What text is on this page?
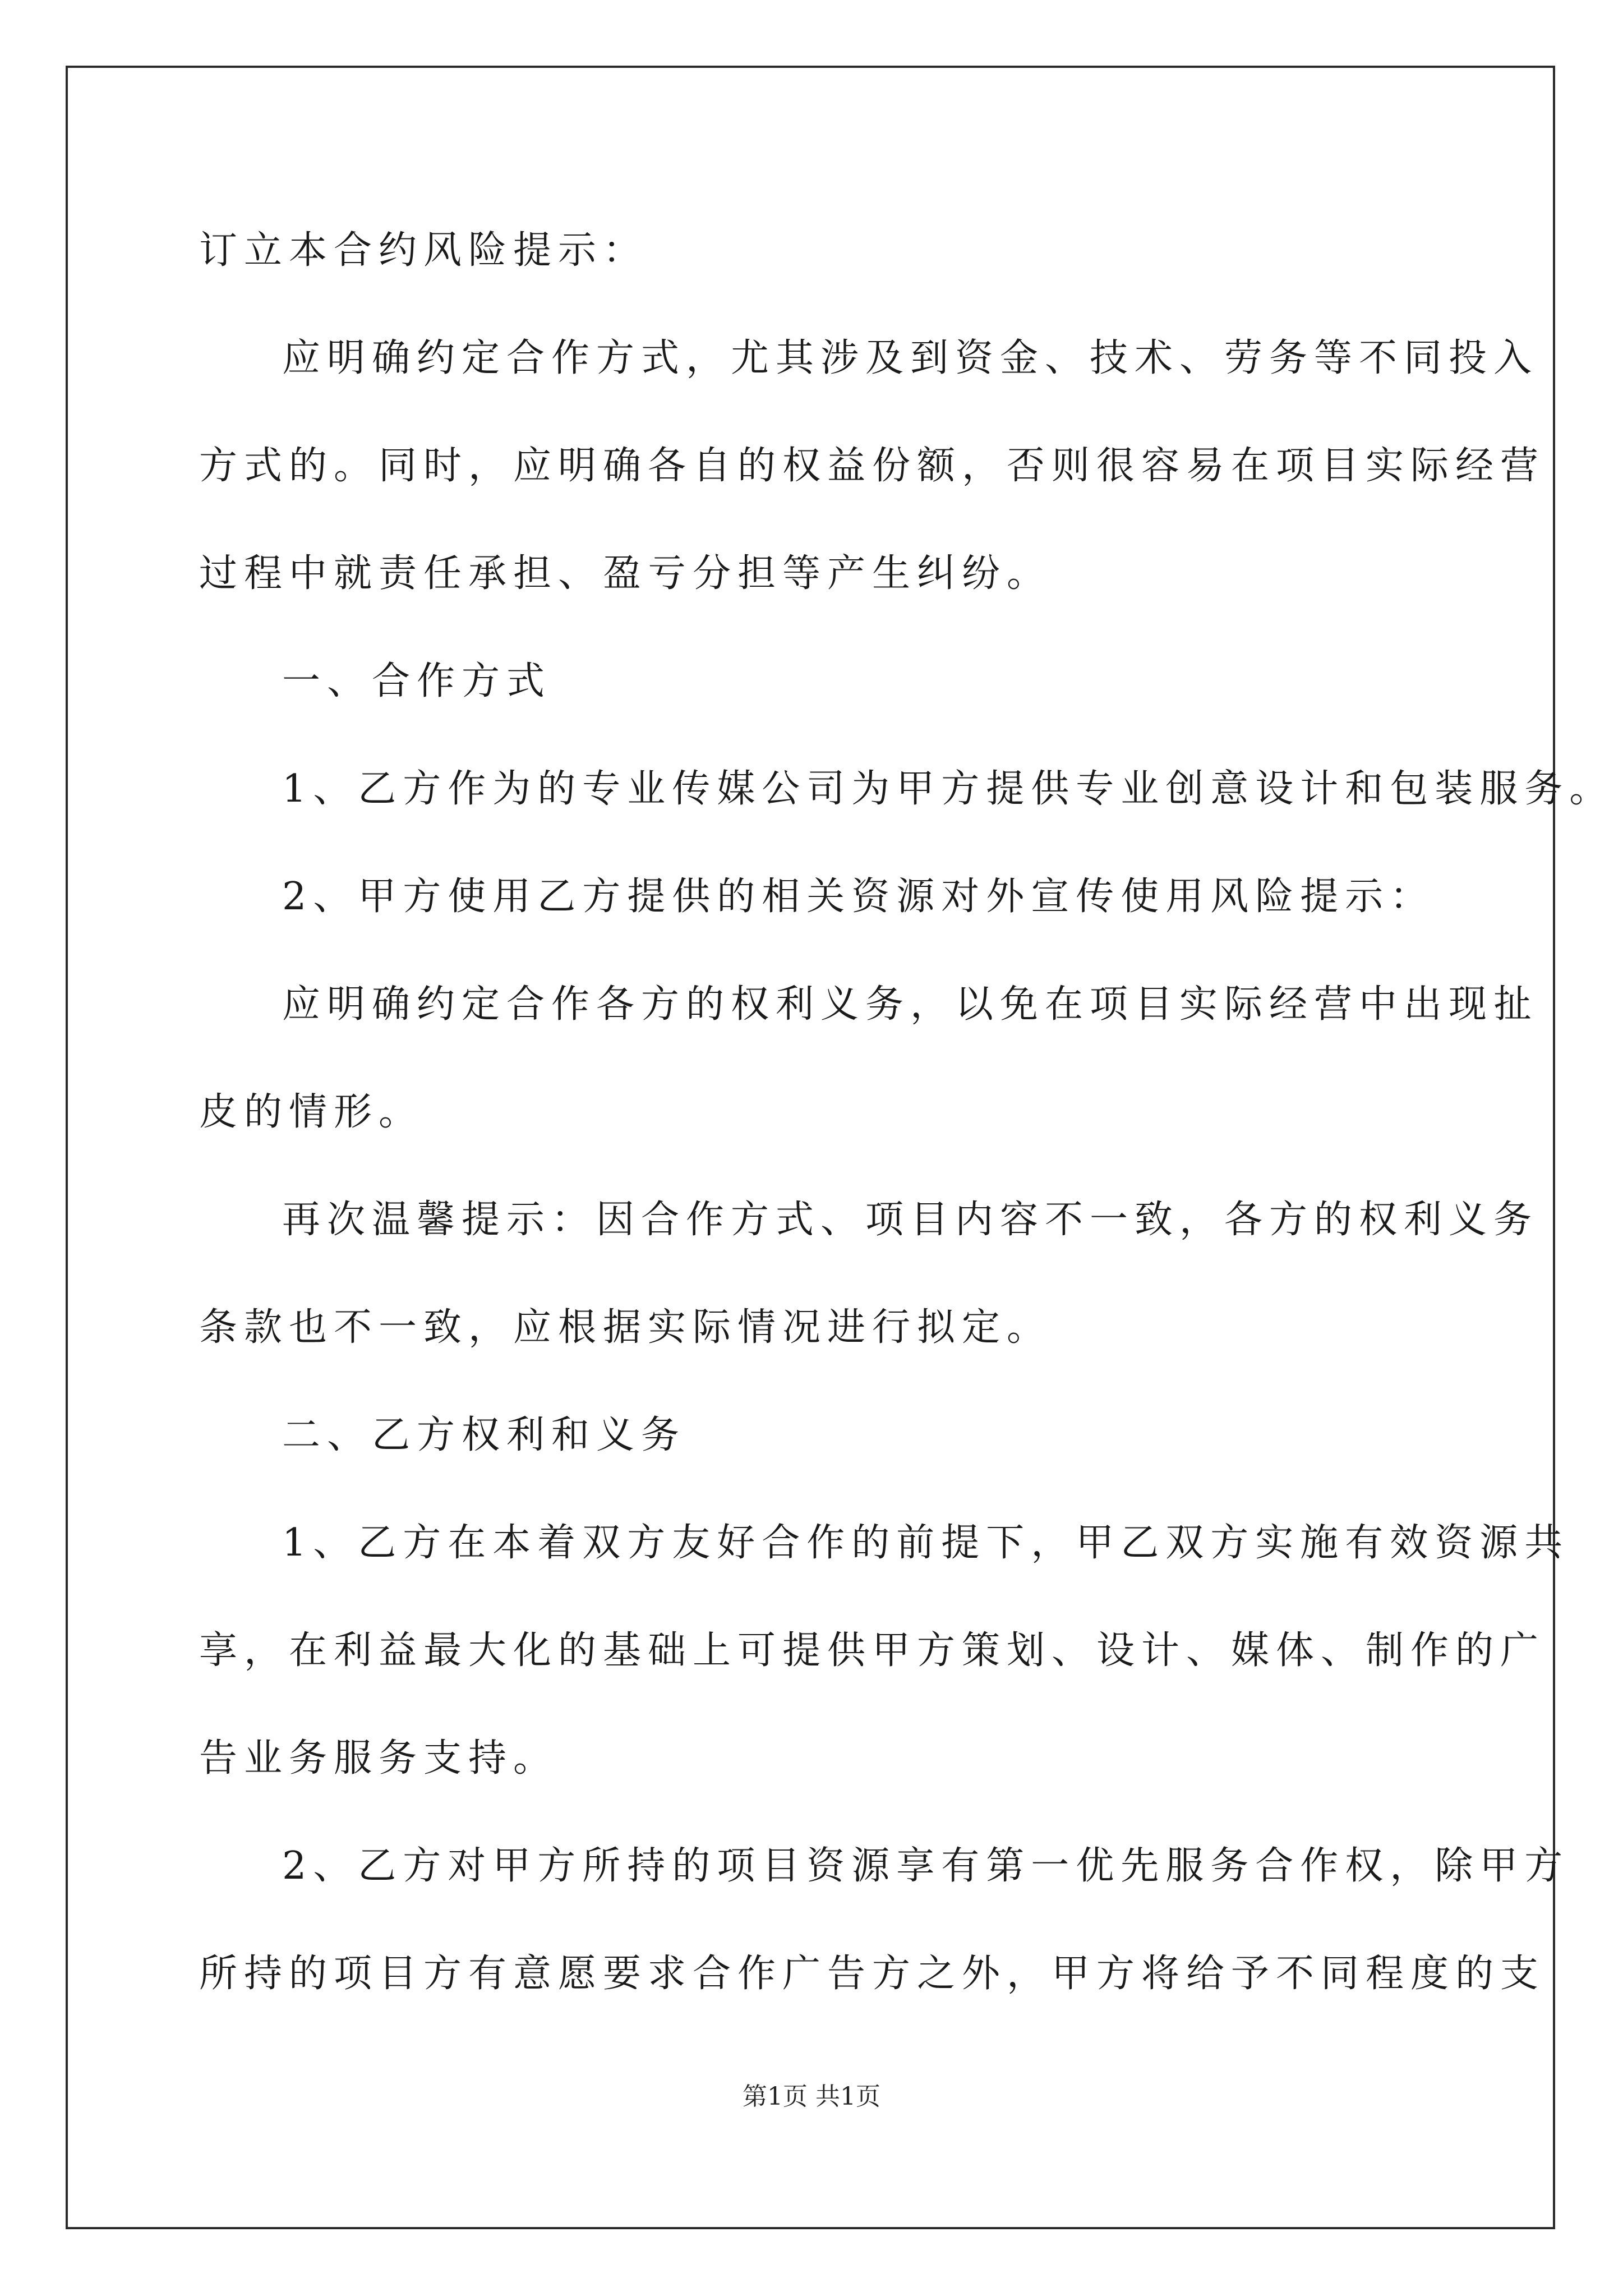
订立本合约风险提示：
应明确约定合作方式，尤其涉及到资金、技术、劳务等不同投入
方式的。同时，应明确各自的权益份额，否则很容易在项目实际经营
过程中就责任承担、盈亏分担等产生纠纷。
一、合作方式
1、乙方作为的专业传媒公司为甲方提供专业创意设计和包装服务。
2、甲方使用乙方提供的相关资源对外宣传使用风险提示：
应明确约定合作各方的权利义务，以免在项目实际经营中出现扯
皮的情形。
再次温馨提示：因合作方式、项目内容不一致，各方的权利义务
条款也不一致，应根据实际情况进行拟定。
二、乙方权利和义务
1、乙方在本着双方友好合作的前提下，甲乙双方实施有效资源共
享，在利益最大化的基础上可提供甲方策划、设计、媒体、制作的广
告业务服务支持。
2、乙方对甲方所持的项目资源享有第一优先服务合作权，除甲方
所持的项目方有意愿要求合作广告方之外，甲方将给予不同程度的支
第1页 共1页
